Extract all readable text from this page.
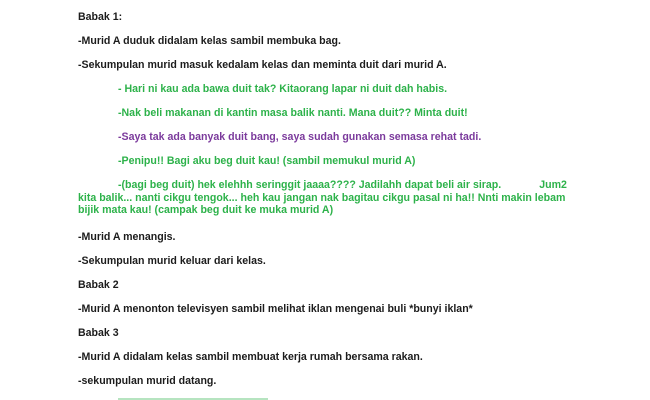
Babak 1:
-Murid A duduk didalam kelas sambil membuka bag.
-Sekumpulan murid masuk kedalam kelas dan meminta duit dari murid A.
- Hari ni kau ada bawa duit tak? Kitaorang lapar ni duit dah habis.
-Nak beli makanan di kantin masa balik nanti. Mana duit?? Minta duit!
-Saya tak ada banyak duit bang, saya sudah gunakan semasa rehat tadi.
-Penipu!! Bagi aku beg duit kau! (sambil memukul murid A)
-(bagi beg duit) hek elehhh seringgit jaaaa???? Jadilahh dapat beli air sirap.	Jum2 kita balik... nanti cikgu tengok... heh kau jangan nak bagitau cikgu pasal ni ha!! Nnti makin lebam bijik mata kau! (campak beg duit ke muka murid A)
-Murid A menangis.
-Sekumpulan murid keluar dari kelas.
Babak 2
-Murid A menonton televisyen sambil melihat iklan mengenai buli *bunyi iklan*
Babak 3
-Murid A didalam kelas sambil membuat kerja rumah bersama rakan.
-sekumpulan murid datang.
